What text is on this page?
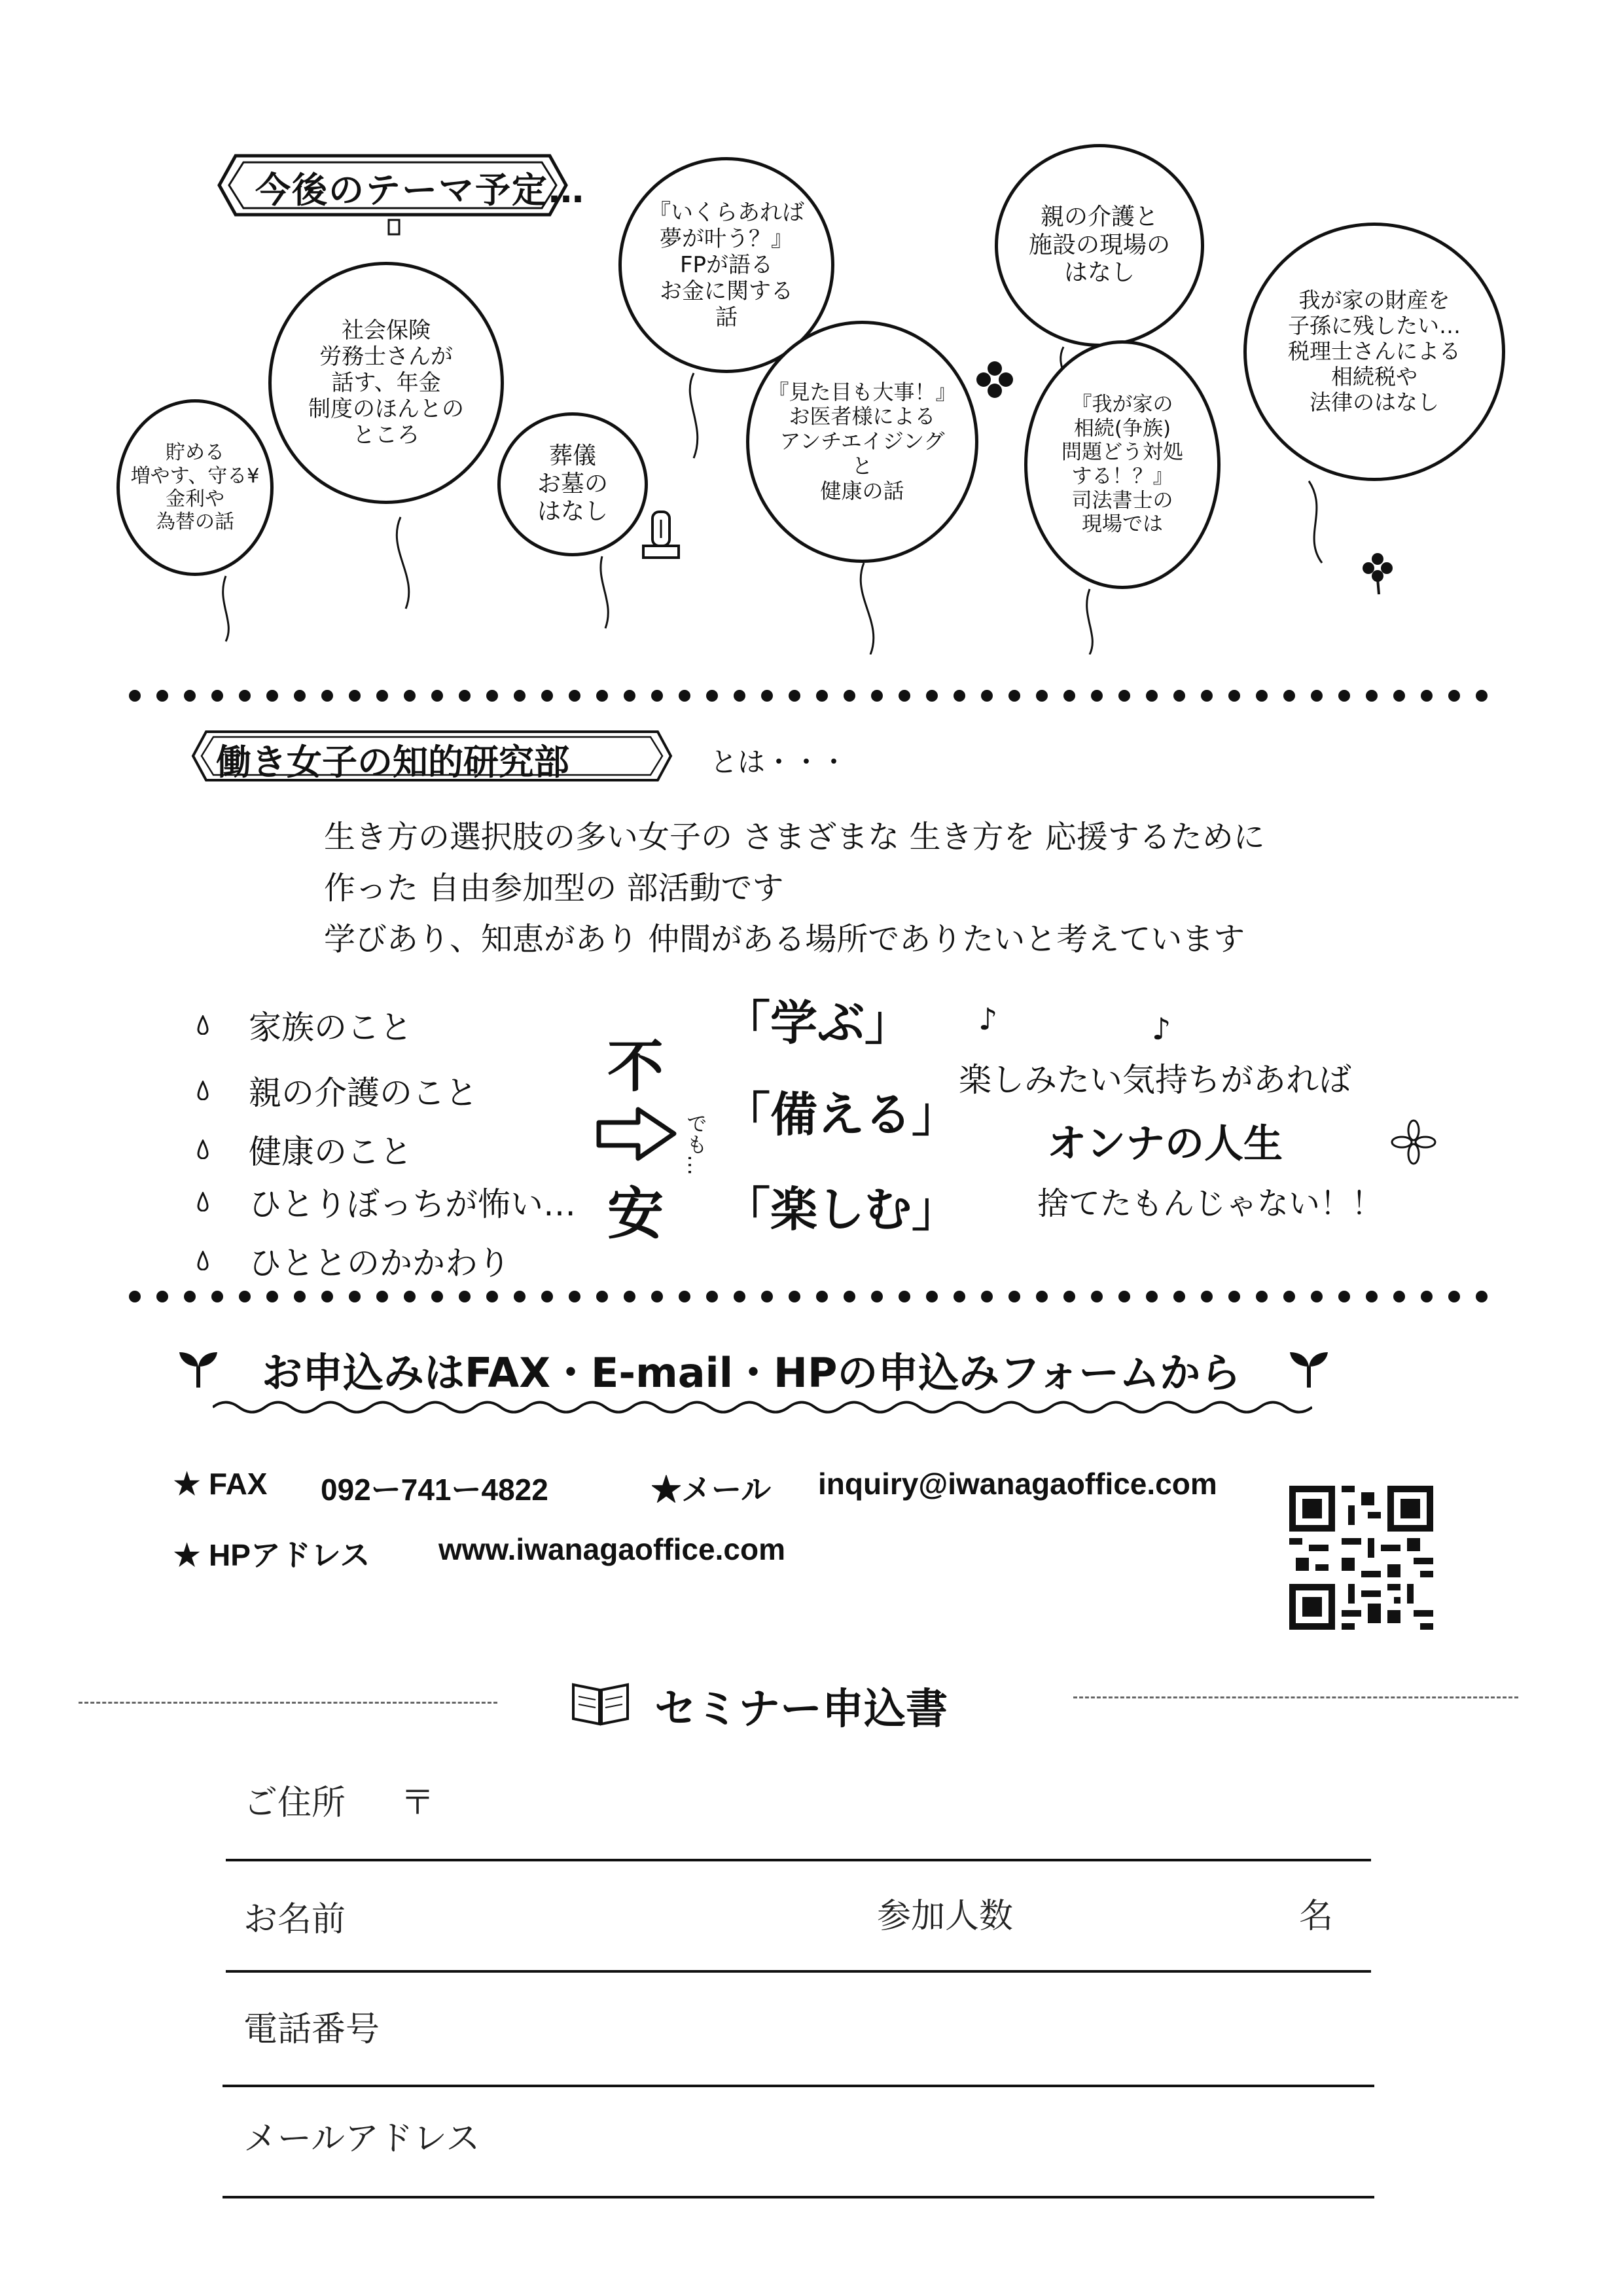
今後のテーマ予定…
貯める
増やす、守る¥
金利や
為替の話
社会保険
労務士さんが
話す、年金
制度のほんとの
ところ
葬儀
お墓の
はなし
『いくらあれば
夢が叶う？』
FPが語る
お金に関する
話
『見た目も大事！』
お医者様による
アンチエイジング
と
健康の話
親の介護と
施設の現場の
はなし
『我が家の
相続(争族)
問題どう対処
する！？』
司法書士の
現場では
我が家の財産を
子孫に残したい…
税理士さんによる
相続税や
法律のはなし
働き女子の知的研究部	とは・・・
生き方の選択肢の多い女子の さまざまな 生き方を 応援するために
作った 自由参加型の 部活動です
学びあり、知恵があり 仲間がある場所でありたいと考えています
家族のこと
親の介護のこと
健康のこと
ひとりぼっちが怖い…
ひととのかかわり
不
でも…
安
「学ぶ」
「備える」
「楽しむ」
♪	♪
楽しみたい気持ちがあれば
オンナの人生
捨てたもんじゃない！！
お申込みはFAX・E-mail・HPの申込みフォームから
★ FAX 092ー741ー4822	★メール inquiry@iwanagaoffice.com
★ HPアドレス www.iwanagaoffice.com
セミナー申込書
ご住所 〒
お名前	参加人数	名
電話番号
メールアドレス
